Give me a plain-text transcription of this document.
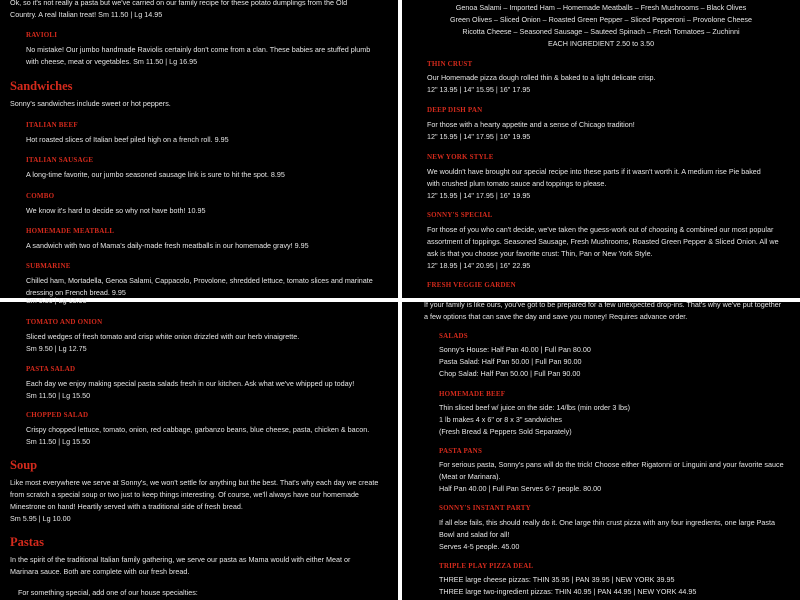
Ok, so it's not really a pasta but we've carried on our family recipe for these potato dumplings from the Old
Country. A real Italian treat! Sm 11.50 | Lg 14.95
RAVIOLI
No mistake! Our jumbo handmade Raviolis certainly don't come from a clan. These babies are stuffed plumb
with cheese, meat or vegetables. Sm 11.50 | Lg 16.95
Sandwiches
Sonny's sandwiches include sweet or hot peppers.
ITALIAN BEEF
Hot roasted slices of Italian beef piled high on a french roll. 9.95
ITALIAN SAUSAGE
A long-time favorite, our jumbo seasoned sausage link is sure to hit the spot. 8.95
COMBO
We know it's hard to decide so why not have both! 10.95
HOMEMADE MEATBALL
A sandwich with two of Mama's daily-made fresh meatballs in our homemade gravy! 9.95
SUBMARINE
Chilled ham, Mortadella, Genoa Salami, Cappacolo, Provolone, shredded lettuce, tomato slices and marinate
dressing on French bread. 9.95
Genoa Salami – Imported Ham – Homemade Meatballs – Fresh Mushrooms – Black Olives
Green Olives – Sliced Onion – Roasted Green Pepper – Sliced Pepperoni – Provolone Cheese
Ricotta Cheese – Seasoned Sausage – Sauteed Spinach – Fresh Tomatoes – Zuchinni
EACH INGREDIENT 2.50 to 3.50
THIN CRUST
Our Homemade pizza dough rolled thin & baked to a light delicate crisp.
12" 13.95 | 14" 15.95 | 16" 17.95
DEEP DISH PAN
For those with a hearty appetite and a sense of Chicago tradition!
12" 15.95 | 14" 17.95 | 16" 19.95
NEW YORK STYLE
We wouldn't have brought our special recipe into these parts if it wasn't worth it. A medium rise Pie baked
with crushed plum tomato sauce and toppings to please.
12" 15.95 | 14" 17.95 | 16" 19.95
SONNY'S SPECIAL
For those of you who can't decide, we've taken the guess-work out of choosing & combined our most popular
assortment of toppings. Seasoned Sausage, Fresh Mushrooms, Roasted Green Pepper & Sliced Onion. All we
ask is that you choose your favorite crust: Thin, Pan or New York Style.
12" 18.95 | 14" 20.95 | 16" 22.95
FRESH VEGGIE GARDEN
Sm 9.50 | Lg 13.95
TOMATO AND ONION
Sliced wedges of fresh tomato and crisp white onion drizzled with our herb vinaigrette.
Sm 9.50 | Lg 12.75
PASTA SALAD
Each day we enjoy making special pasta salads fresh in our kitchen. Ask what we've whipped up today!
Sm 11.50 | Lg 15.50
CHOPPED SALAD
Crispy chopped lettuce, tomato, onion, red cabbage, garbanzo beans, blue cheese, pasta, chicken & bacon.
Sm 11.50 | Lg 15.50
Soup
Like most everywhere we serve at Sonny's, we won't settle for anything but the best. That's why each day we create
from scratch a special soup or two just to keep things interesting. Of course, we'll always have our homemade
Minestrone on hand! Heartily served with a traditional side of fresh bread.
Sm 5.95 | Lg 10.00
Pastas
In the spirit of the traditional Italian family gathering, we serve our pasta as Mama would with either Meat or
Marinara sauce. Both are complete with our fresh bread.
For something special, add one of our house specialties:
If your family is like ours, you've got to be prepared for a few unexpected drop-ins. That's why we've put together
a few options that can save the day and save you money! Requires advance order.
SALADS
Sonny's House: Half Pan 40.00 | Full Pan 80.00
Pasta Salad: Half Pan 50.00 | Full Pan 90.00
Chop Salad: Half Pan 50.00 | Full Pan 90.00
HOMEMADE BEEF
Thin sliced beef w/ juice on the side: 14/lbs (min order 3 lbs)
1 lb makes 4 x 6" or 8 x 3" sandwiches
(Fresh Bread & Peppers Sold Separately)
PASTA PANS
For serious pasta, Sonny's pans will do the trick! Choose either Rigatonni or Linguini and your favorite sauce
(Meat or Marinara).
Half Pan 40.00 | Full Pan Serves 6-7 people. 80.00
SONNY'S INSTANT PARTY
If all else fails, this should really do it. One large thin crust pizza with any four ingredients, one large Pasta
Bowl and salad for all!
Serves 4-5 people. 45.00
TRIPLE PLAY PIZZA DEAL
THREE large cheese pizzas: THIN 35.95 | PAN 39.95 | NEW YORK 39.95
THREE large two-ingredient pizzas: THIN 40.95 | PAN 44.95 | NEW YORK 44.95
